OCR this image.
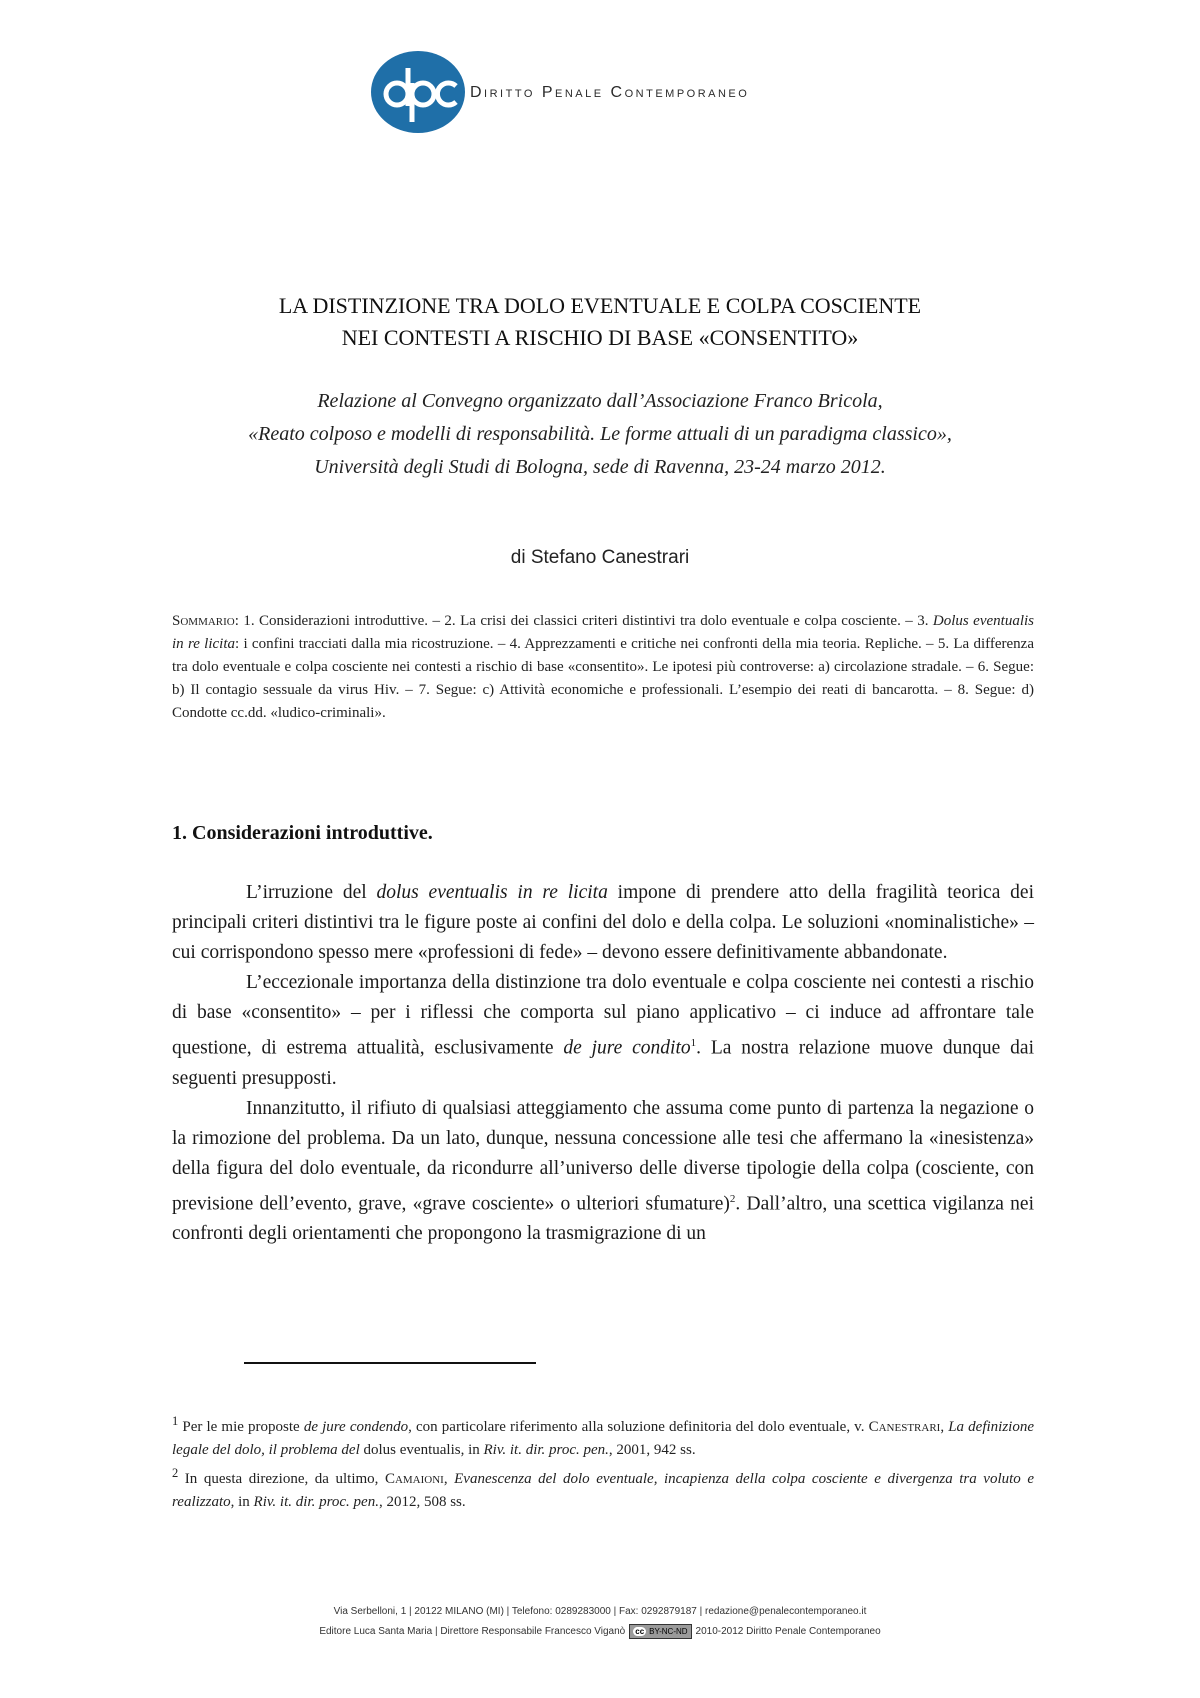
Diritto Penale Contemporaneo
LA DISTINZIONE TRA DOLO EVENTUALE E COLPA COSCIENTE
NEI CONTESTI A RISCHIO DI BASE «CONSENTITO»
Relazione al Convegno organizzato dall’Associazione Franco Bricola,
«Reato colposo e modelli di responsabilità. Le forme attuali di un paradigma classico»,
Università degli Studi di Bologna, sede di Ravenna, 23-24 marzo 2012.
di Stefano Canestrari
Sommario: 1. Considerazioni introduttive. – 2. La crisi dei classici criteri distintivi tra dolo eventuale e colpa cosciente. – 3. Dolus eventualis in re licita: i confini tracciati dalla mia ricostruzione. – 4. Apprezzamenti e critiche nei confronti della mia teoria. Repliche. – 5. La differenza tra dolo eventuale e colpa cosciente nei contesti a rischio di base «consentito». Le ipotesi più controverse: a) circolazione stradale. – 6. Segue: b) Il contagio sessuale da virus Hiv. – 7. Segue: c) Attività economiche e professionali. L’esempio dei reati di bancarotta. – 8. Segue: d) Condotte cc.dd. «ludico-criminali».
1. Considerazioni introduttive.

L’irruzione del dolus eventualis in re licita impone di prendere atto della fragilità teorica dei principali criteri distintivi tra le figure poste ai confini del dolo e della colpa. Le soluzioni «nominalistiche» – cui corrispondono spesso mere «professioni di fede» – devono essere definitivamente abbandonate.

L’eccezionale importanza della distinzione tra dolo eventuale e colpa cosciente nei contesti a rischio di base «consentito» – per i riflessi che comporta sul piano applicativo – ci induce ad affrontare tale questione, di estrema attualità, esclusivamente de jure condito$^1$. La nostra relazione muove dunque dai seguenti presupposti.

Innanzitutto, il rifiuto di qualsiasi atteggiamento che assuma come punto di partenza la negazione o la rimozione del problema. Da un lato, dunque, nessuna concessione alle tesi che affermano la «inesistenza» della figura del dolo eventuale, da ricondurre all’universo delle diverse tipologie della colpa (cosciente, con previsione dell’evento, grave, «grave cosciente» o ulteriori sfumature)$^2$. Dall’altro, una scettica vigilanza nei confronti degli orientamenti che propongono la trasmigrazione di un

$^1$ Per le mie proposte de jure condendo, con particolare riferimento alla soluzione definitoria del dolo eventuale, v. Canestrari, La definizione legale del dolo, il problema del dolus eventualis, in Riv. it. dir. proc. pen., 2001, 942 ss.

$^2$ In questa direzione, da ultimo, Camaioni, Evanescenza del dolo eventuale, incapienza della colpa cosciente e divergenza tra voluto e realizzato, in Riv. it. dir. proc. pen., 2012, 508 ss.

Via Serbelloni, 1 | 20122 MILANO (MI) | Telefono: 0289283000 | Fax: 0292879187 | redazione@penalecontemporaneo.it
Editore Luca Santa Maria | Direttore Responsabile Francesco Viganò cc BY-NC-ND 2010-2012 Diritto Penale Contemporaneo
